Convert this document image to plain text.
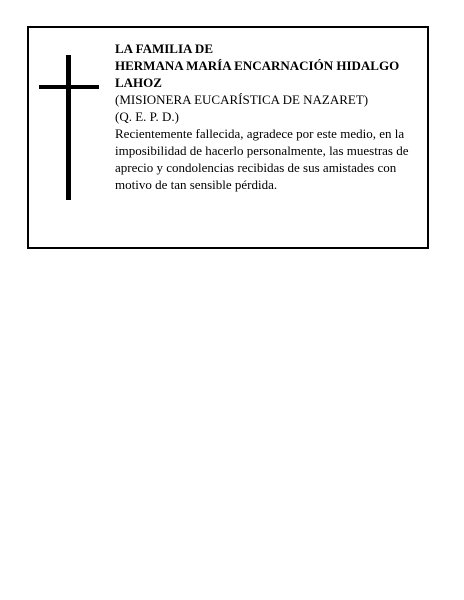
LA FAMILIA DE
HERMANA MARÍA ENCARNACIÓN HIDALGO
LAHOZ
(MISIONERA EUCARÍSTICA DE NAZARET)
(Q. E. P. D.)
Recientemente fallecida, agradece por este medio, en la imposibilidad de hacerlo personalmente, las muestras de aprecio y condolencias recibidas de sus amistades con motivo de tan sensible pérdida.
